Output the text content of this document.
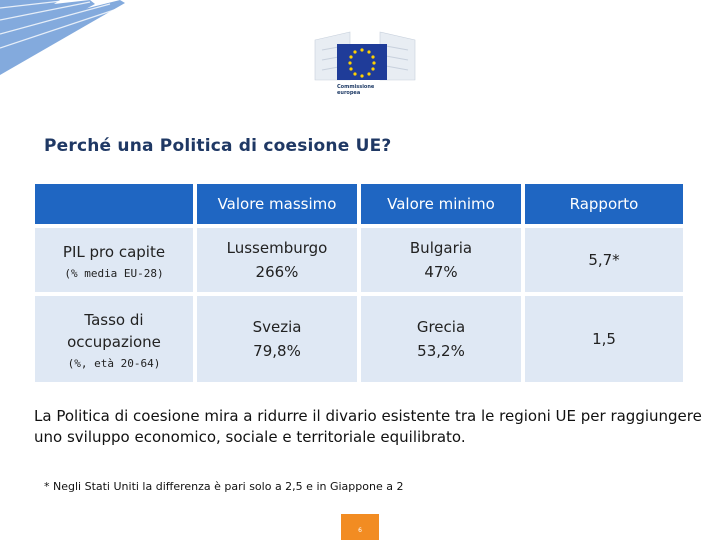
Commissione
europea
Perché una Politica di coesione UE?
Valore massimo	Valore minimo	Rapporto
PIL pro capite
(% media EU-28)
Lussemburgo
266%
Bulgaria
47%
5,7*
Tasso di occupazione
(%, età 20-64)
Svezia
79,8%
Grecia
53,2%
1,5
La Politica di coesione mira a ridurre il divario esistente tra le regioni UE per raggiungere uno sviluppo economico, sociale e territoriale equilibrato.
* Negli Stati Uniti la differenza è pari solo a 2,5 e in Giappone a 2
6
